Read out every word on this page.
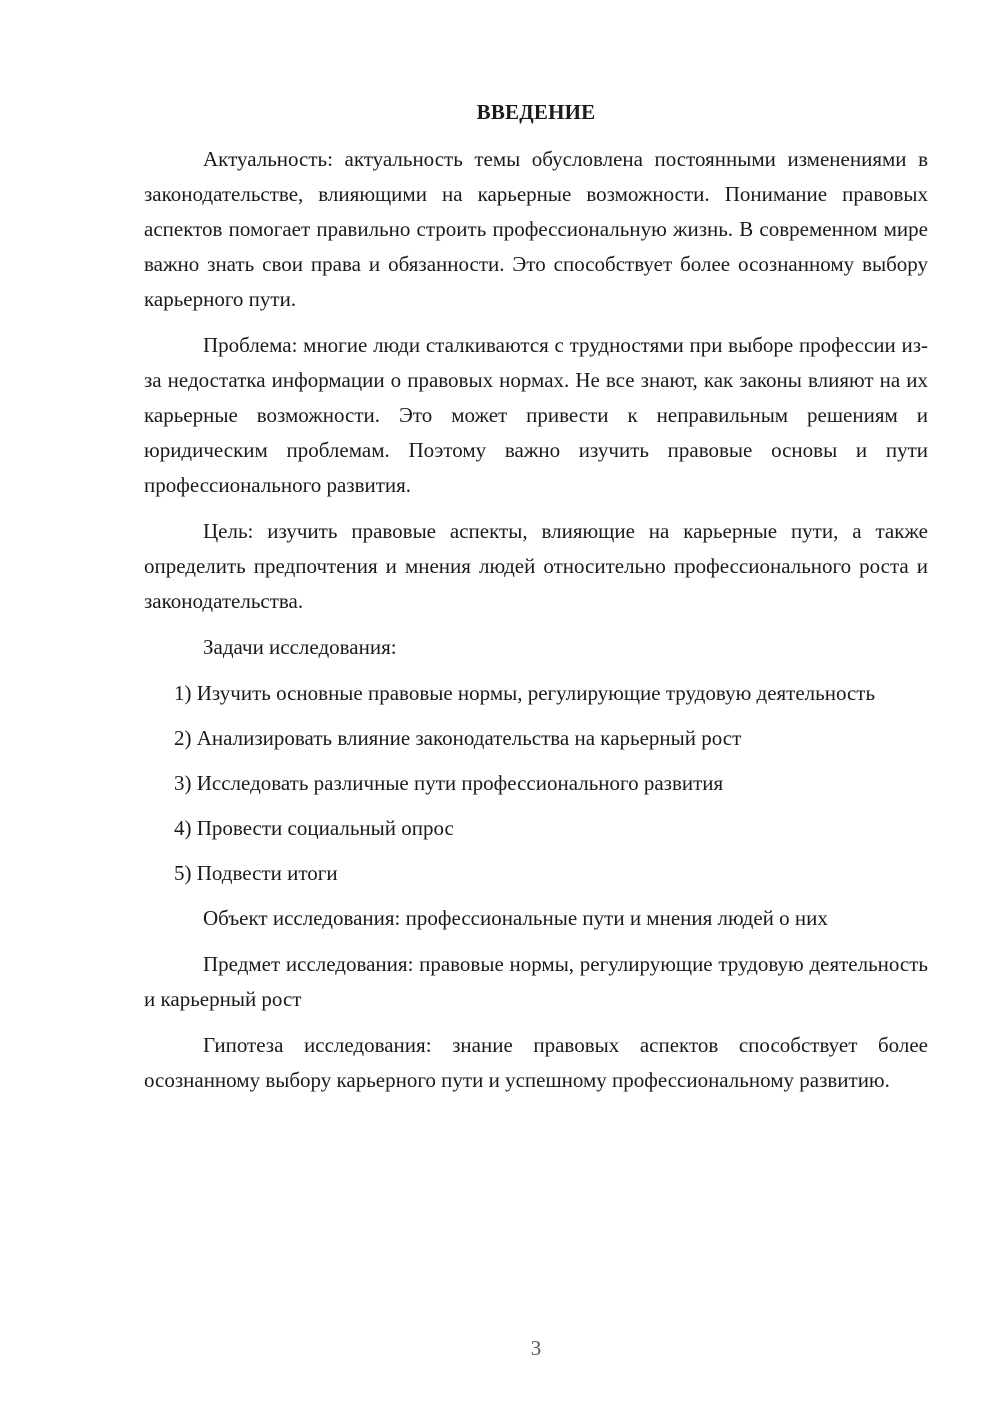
ВВЕДЕНИЕ

Актуальность: актуальность темы обусловлена постоянными изменениями в законодательстве, влияющими на карьерные возможности. Понимание правовых аспектов помогает правильно строить профессиональную жизнь. В современном мире важно знать свои права и обязанности. Это способствует более осознанному выбору карьерного пути.

Проблема: многие люди сталкиваются с трудностями при выборе профессии из-за недостатка информации о правовых нормах. Не все знают, как законы влияют на их карьерные возможности. Это может привести к неправильным решениям и юридическим проблемам. Поэтому важно изучить правовые основы и пути профессионального развития.

Цель: изучить правовые аспекты, влияющие на карьерные пути, а также определить предпочтения и мнения людей относительно профессионального роста и законодательства.

Задачи исследования:

1) Изучить основные правовые нормы, регулирующие трудовую деятельность

2) Анализировать влияние законодательства на карьерный рост

3) Исследовать различные пути профессионального развития

4) Провести социальный опрос

5) Подвести итоги

Объект исследования: профессиональные пути и мнения людей о них

Предмет исследования: правовые нормы, регулирующие трудовую деятельность и карьерный рост

Гипотеза исследования: знание правовых аспектов способствует более осознанному выбору карьерного пути и успешному профессиональному развитию.

3
